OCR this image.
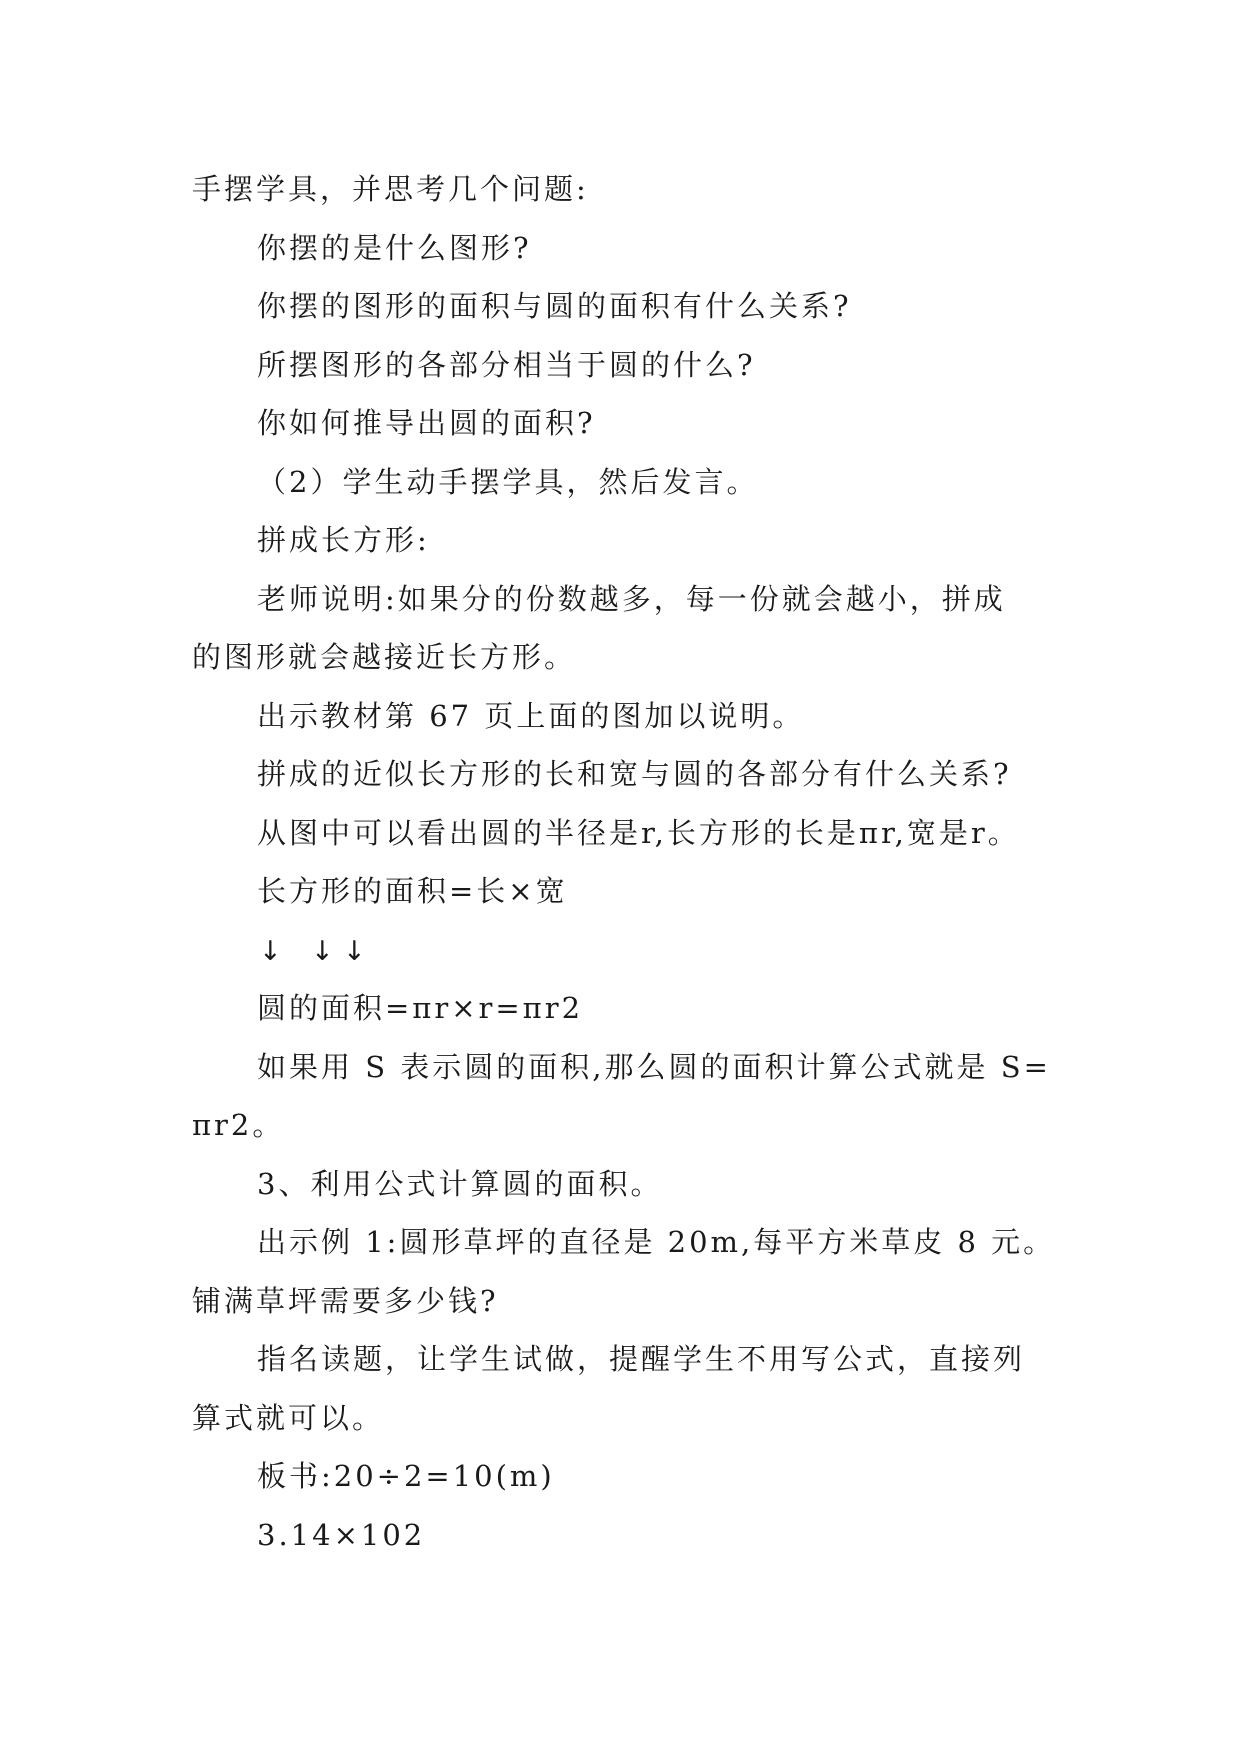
手摆学具，并思考几个问题:
你摆的是什么图形?
你摆的图形的面积与圆的面积有什么关系?
所摆图形的各部分相当于圆的什么?
你如何推导出圆的面积?
（2）学生动手摆学具，然后发言。
拼成长方形:
老师说明:如果分的份数越多，每一份就会越小，拼成
的图形就会越接近长方形。
出示教材第 67 页上面的图加以说明。
拼成的近似长方形的长和宽与圆的各部分有什么关系?
从图中可以看出圆的半径是r,长方形的长是πr,宽是r。
长方形的面积=长×宽
↓ ↓ ↓
圆的面积=πr×r=πr2
如果用 S 表示圆的面积,那么圆的面积计算公式就是 S=
πr2。
3、利用公式计算圆的面积。
出示例 1:圆形草坪的直径是 20m,每平方米草皮 8 元。
铺满草坪需要多少钱?
指名读题，让学生试做，提醒学生不用写公式，直接列
算式就可以。
板书:20÷2=10(m)
3.14×102
